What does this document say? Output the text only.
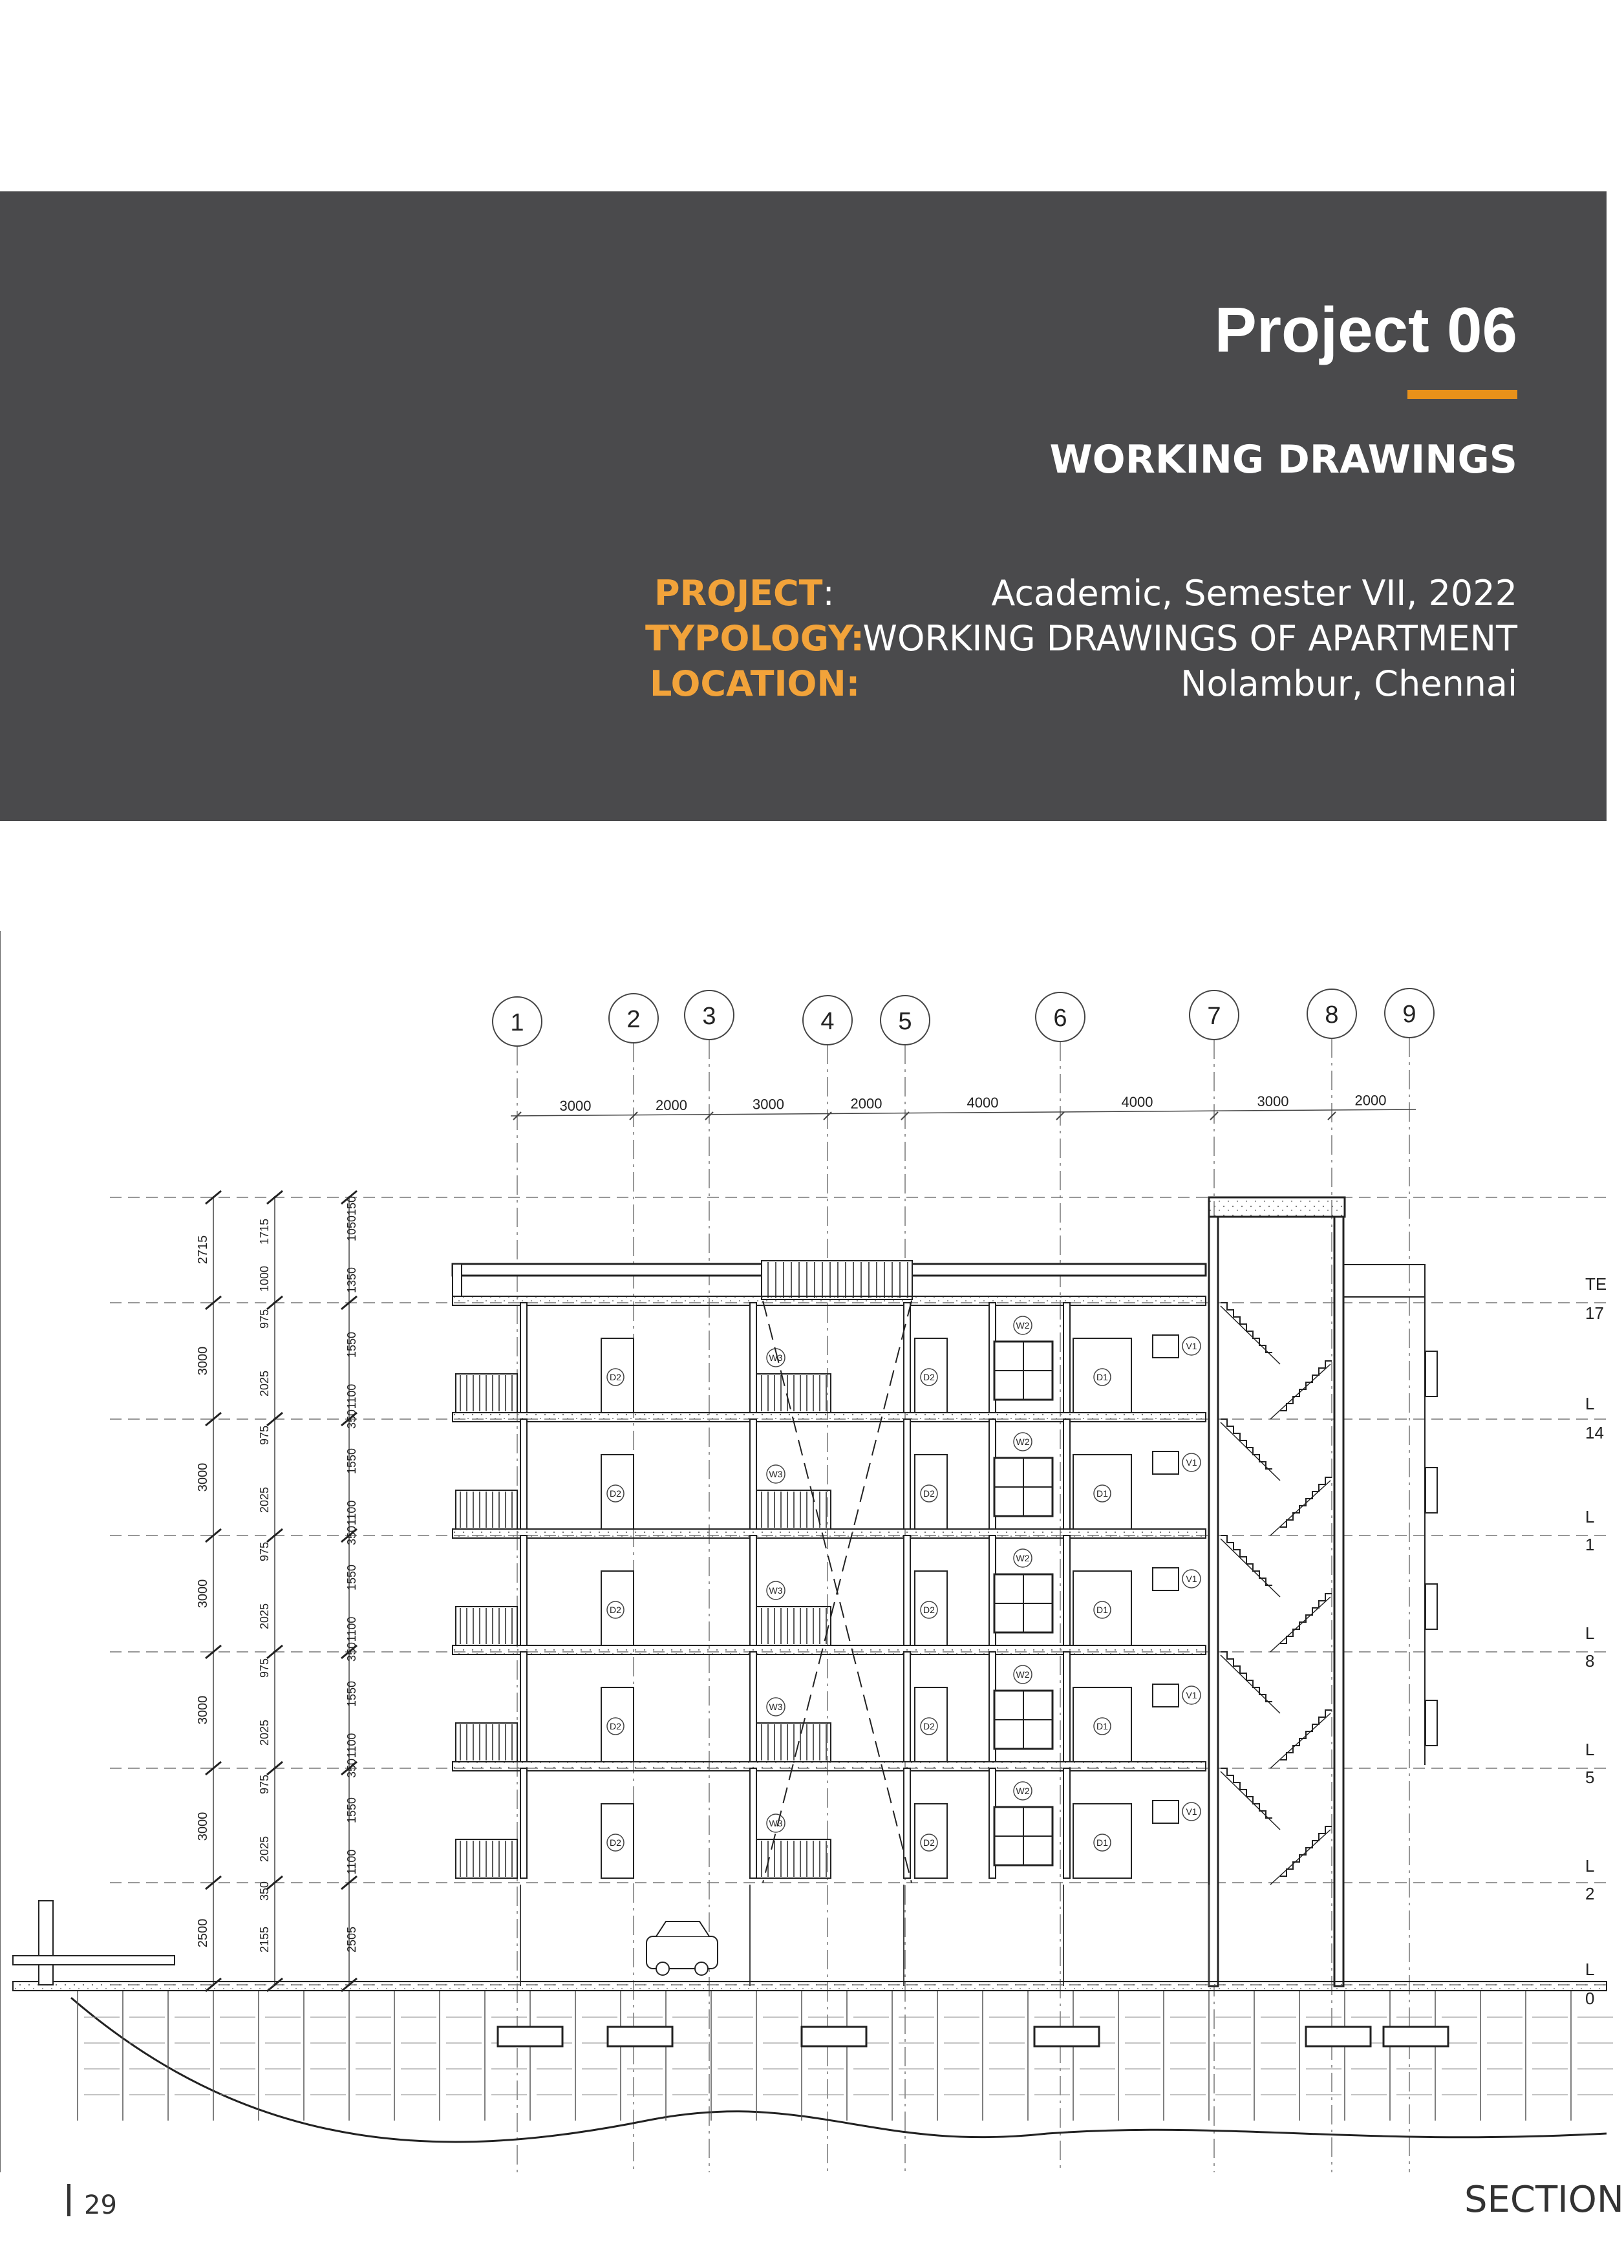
Project 06
WORKING DRAWINGS
PROJECT:	Academic, Semester VII, 2022
TYPOLOGY:
WORKING DRAWINGS OF APARTMENT
LOCATION:	Nolambur, Chennai
1	2	3	4	5	6	7	8	9
3000	2000	3000	2000	4000	4000	3000	2000
2715
3000
3000
3000
3000
3000
2500
1715
1000
975
2025
975
2025
975
2025
975
2025
975
2025
350
2155
150
1050
1350
1550
1100
350
1550
1100
350
1550
1100
350
1550
1100
350
1550
1100
2505
D2	D2	D1
W2
W3
V1
D2	D2	D1
W2
W3
V1
D2	D2	D1
W2
W3
V1
D2	D2	D1
W2
W3
V1
D2	D2	D1
W2
W3
V1
TE
17
L
14
L
1
L
8
L
5
L
2
L
0
29	SECTION
